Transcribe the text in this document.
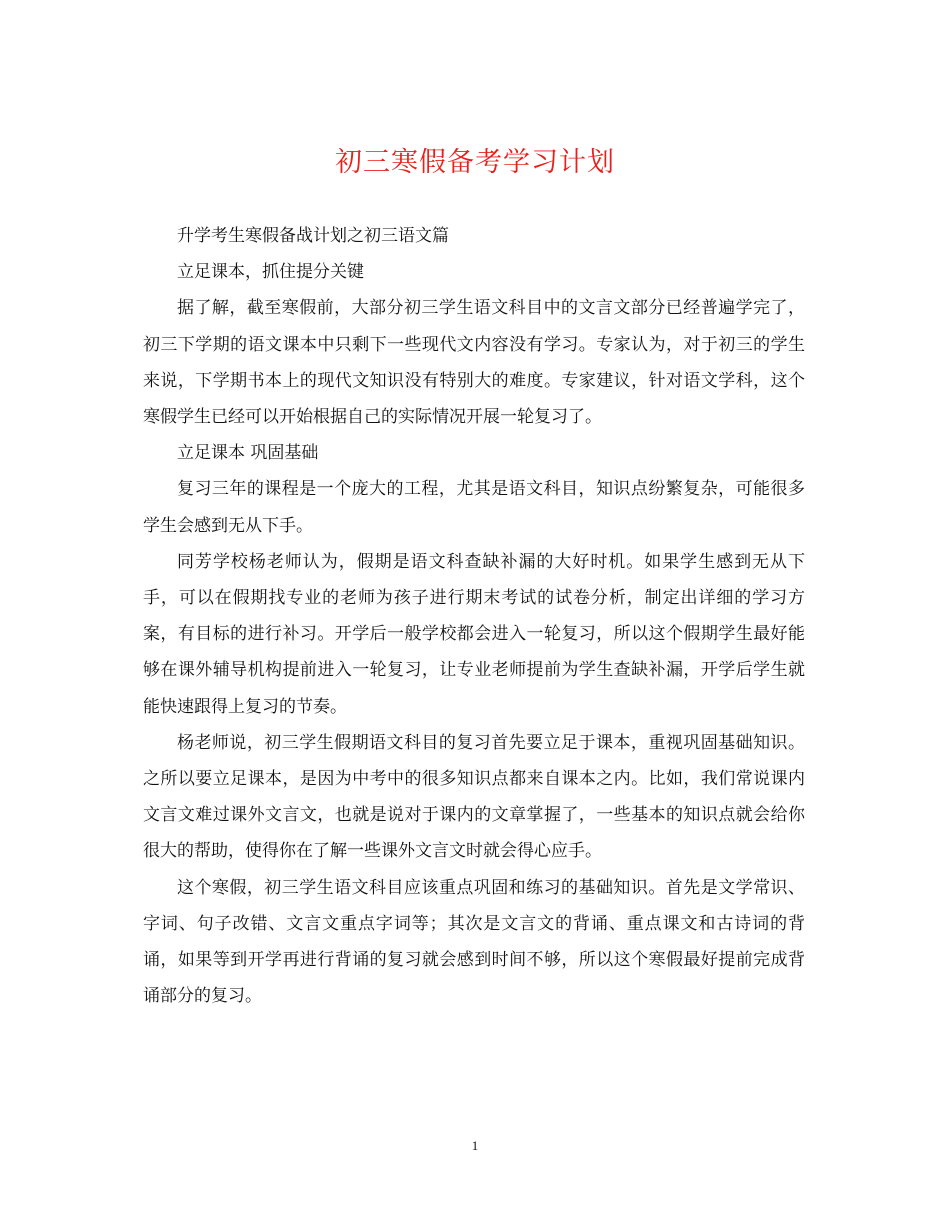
初三寒假备考学习计划

升学考生寒假备战计划之初三语文篇

立足课本，抓住提分关键

据了解，截至寒假前，大部分初三学生语文科目中的文言文部分已经普遍学完了，初三下学期的语文课本中只剩下一些现代文内容没有学习。专家认为，对于初三的学生来说，下学期书本上的现代文知识没有特别大的难度。专家建议，针对语文学科，这个寒假学生已经可以开始根据自己的实际情况开展一轮复习了。

立足课本 巩固基础

复习三年的课程是一个庞大的工程，尤其是语文科目，知识点纷繁复杂，可能很多学生会感到无从下手。

同芳学校杨老师认为，假期是语文科查缺补漏的大好时机。如果学生感到无从下手，可以在假期找专业的老师为孩子进行期末考试的试卷分析，制定出详细的学习方案，有目标的进行补习。开学后一般学校都会进入一轮复习，所以这个假期学生最好能够在课外辅导机构提前进入一轮复习，让专业老师提前为学生查缺补漏，开学后学生就能快速跟得上复习的节奏。

杨老师说，初三学生假期语文科目的复习首先要立足于课本，重视巩固基础知识。之所以要立足课本，是因为中考中的很多知识点都来自课本之内。比如，我们常说课内文言文难过课外文言文，也就是说对于课内的文章掌握了，一些基本的知识点就会给你很大的帮助，使得你在了解一些课外文言文时就会得心应手。

这个寒假，初三学生语文科目应该重点巩固和练习的基础知识。首先是文学常识、字词、句子改错、文言文重点字词等；其次是文言文的背诵、重点课文和古诗词的背诵，如果等到开学再进行背诵的复习就会感到时间不够，所以这个寒假最好提前完成背诵部分的复习。

1
